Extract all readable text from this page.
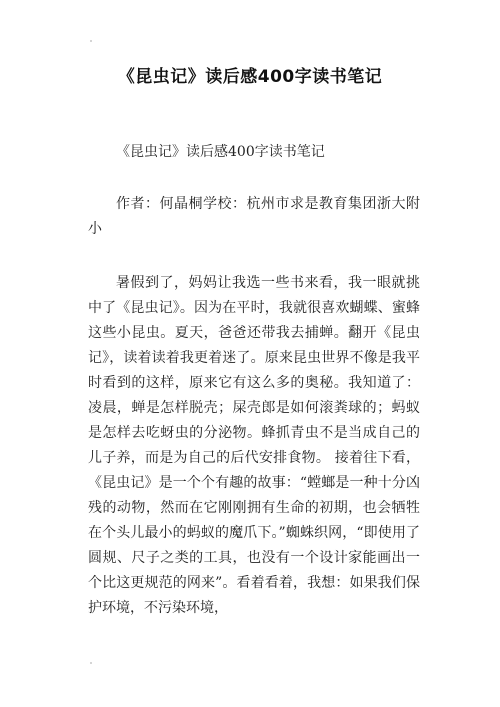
《昆虫记》读后感400字读书笔记

《昆虫记》读后感400字读书笔记

作者：何晶桐学校：杭州市求是教育集团浙大附小

暑假到了，妈妈让我选一些书来看，我一眼就挑中了《昆虫记》。因为在平时，我就很喜欢蝴蝶、蜜蜂这些小昆虫。夏天，爸爸还带我去捕蝉。翻开《昆虫记》，读着读着我更着迷了。原来昆虫世界不像是我平时看到的这样，原来它有这么多的奥秘。我知道了：凌晨，蝉是怎样脱壳；屎壳郎是如何滚粪球的；蚂蚁是怎样去吃蚜虫的分泌物。蜂抓青虫不是当成自己的儿子养，而是为自己的后代安排食物。 接着往下看，《昆虫记》是一个个有趣的故事：“螳螂是一种十分凶残的动物，然而在它刚刚拥有生命的初期，也会牺牲在个头儿最小的蚂蚁的魔爪下。”蜘蛛织网，“即使用了圆规、尺子之类的工具，也没有一个设计家能画出一个比这更规范的网来”。看着看着，我想：如果我们保护环境，不污染环境，
